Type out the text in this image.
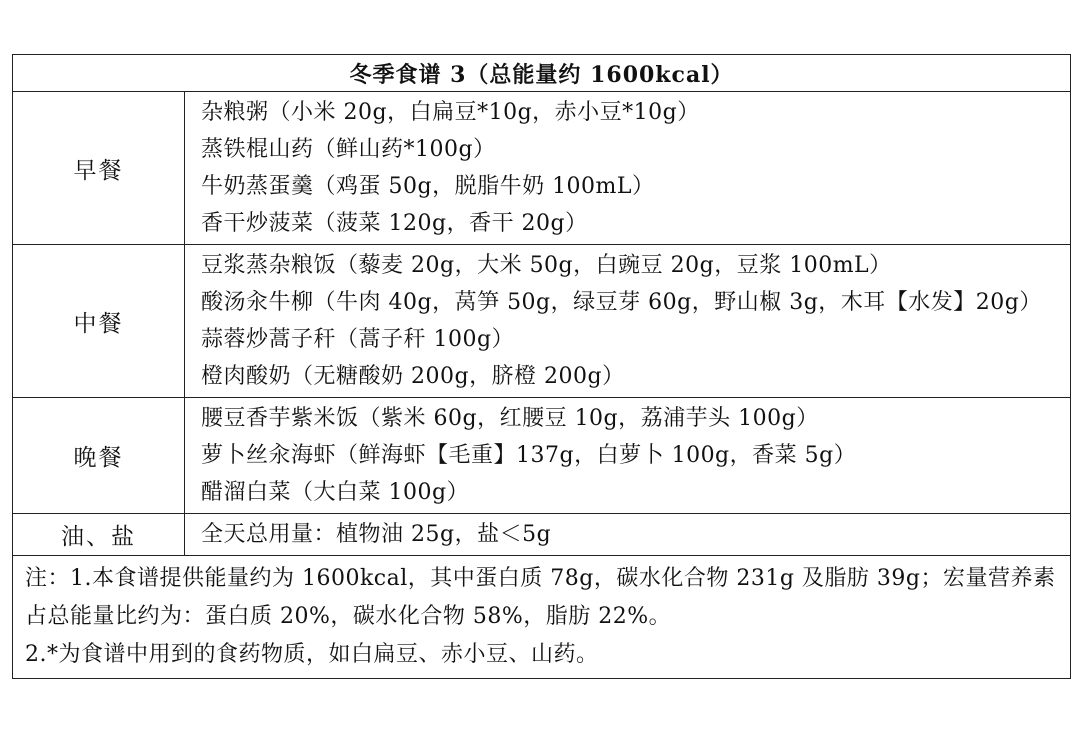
冬季食谱 3（总能量约 1600kcal）	
早餐	杂粮粥（小米 20g，白扁豆*10g，赤小豆*10g）
蒸铁棍山药（鲜山药*100g）
牛奶蒸蛋羹（鸡蛋 50g，脱脂牛奶 100mL）
香干炒菠菜（菠菜 120g，香干 20g）

中餐	豆浆蒸杂粮饭（藜麦 20g，大米 50g，白豌豆 20g，豆浆 100mL）
酸汤汆牛柳（牛肉 40g，莴笋 50g，绿豆芽 60g，野山椒 3g，木耳【水发】20g）
蒜蓉炒蒿子秆（蒿子秆 100g）
橙肉酸奶（无糖酸奶 200g，脐橙 200g）

晚餐	腰豆香芋紫米饭（紫米 60g，红腰豆 10g，荔浦芋头 100g）
萝卜丝汆海虾（鲜海虾【毛重】137g，白萝卜 100g，香菜 5g）
醋溜白菜（大白菜 100g）

油、盐	全天总用量：植物油 25g，盐＜5g

注：1.本食谱提供能量约为 1600kcal，其中蛋白质 78g，碳水化合物 231g 及脂肪 39g；宏量营养素占总能量比约为：蛋白质 20%，碳水化合物 58%，脂肪 22%。
2.*为食谱中用到的食药物质，如白扁豆、赤小豆、山药。	
